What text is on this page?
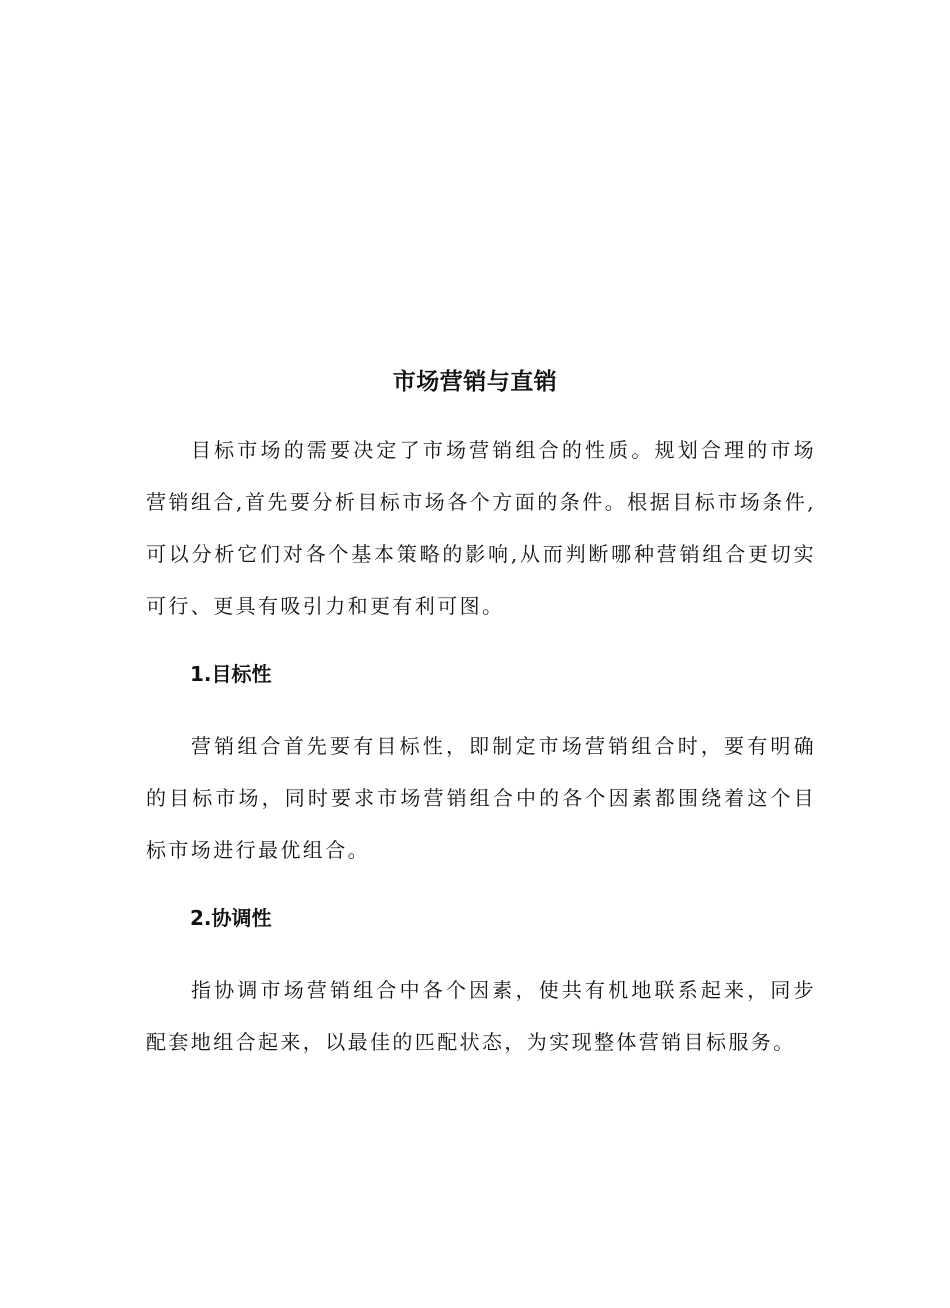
市场营销与直销

目标市场的需要决定了市场营销组合的性质。规划合理的市场营销组合,首先要分析目标市场各个方面的条件。根据目标市场条件,可以分析它们对各个基本策略的影响,从而判断哪种营销组合更切实可行、更具有吸引力和更有利可图。

1.目标性

营销组合首先要有目标性，即制定市场营销组合时，要有明确的目标市场，同时要求市场营销组合中的各个因素都围绕着这个目标市场进行最优组合。

2.协调性

指协调市场营销组合中各个因素，使共有机地联系起来，同步配套地组合起来，以最佳的匹配状态，为实现整体营销目标服务。
